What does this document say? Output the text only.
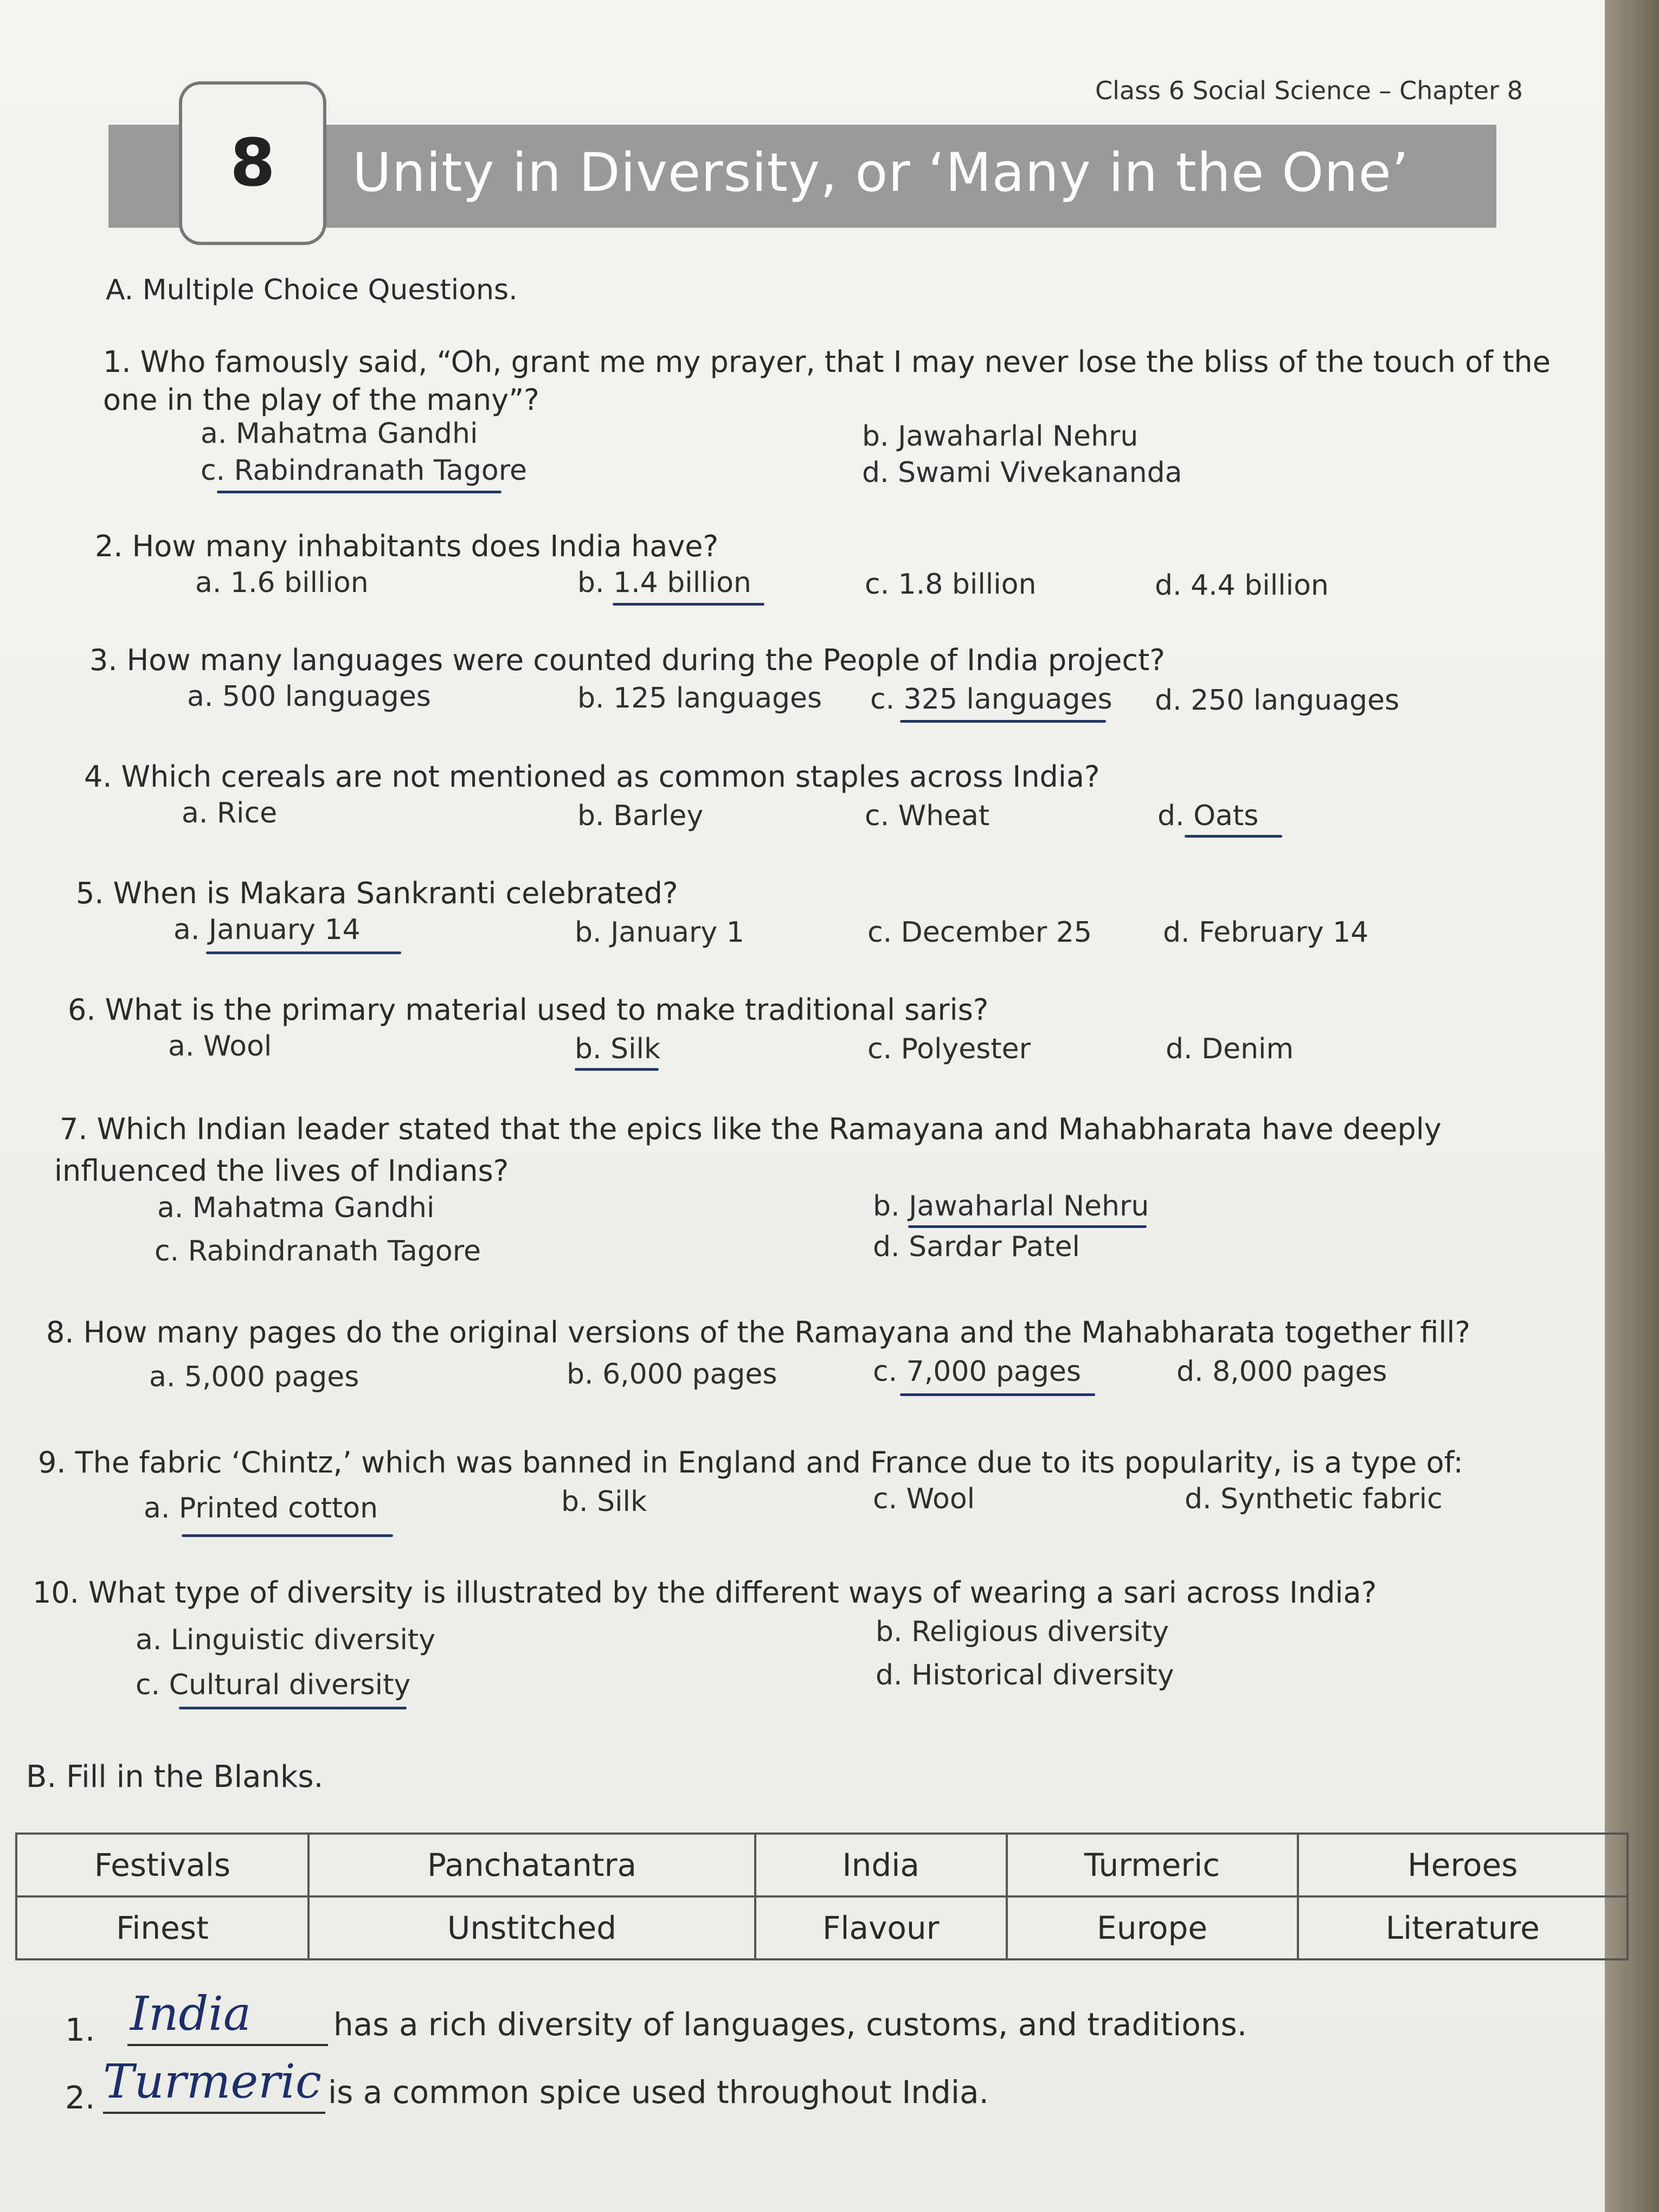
Class 6 Social Science – Chapter 8
Unity in Diversity, or ‘Many in the One’
8
A. Multiple Choice Questions.
1. Who famously said, “Oh, grant me my prayer, that I may never lose the bliss of the touch of the
one in the play of the many”?
a. Mahatma Gandhi	b. Jawaharlal Nehru
c. Rabindranath Tagore	d. Swami Vivekananda
2. How many inhabitants does India have?
a. 1.6 billion	b. 1.4 billion	c. 1.8 billion	d. 4.4 billion
3. How many languages were counted during the People of India project?
a. 500 languages	b. 125 languages c. 325 languages d. 250 languages
4. Which cereals are not mentioned as common staples across India?
a. Rice	b. Barley	c. Wheat	d. Oats
5. When is Makara Sankranti celebrated?
a. January 14	b. January 1	c. December 25	d. February 14
6. What is the primary material used to make traditional saris?
a. Wool	b. Silk	c. Polyester	d. Denim
7. Which Indian leader stated that the epics like the Ramayana and Mahabharata have deeply
influenced the lives of Indians?
a. Mahatma Gandhi	b. Jawaharlal Nehru
c. Rabindranath Tagore	d. Sardar Patel
8. How many pages do the original versions of the Ramayana and the Mahabharata together fill?
a. 5,000 pages	b. 6,000 pages	c. 7,000 pages	d. 8,000 pages
9. The fabric ‘Chintz,’ which was banned in England and France due to its popularity, is a type of:
a. Printed cotton	b. Silk	c. Wool	d. Synthetic fabric
10. What type of diversity is illustrated by the different ways of wearing a sari across India?
a. Linguistic diversity	b. Religious diversity
c. Cultural diversity	d. Historical diversity
B. Fill in the Blanks.
Festivals	Panchatantra	India	Turmeric	Heroes
Finest	Unstitched	Flavour	Europe	Literature
1. India	has a rich diversity of languages, customs, and traditions.
2. Turmeric is a common spice used throughout India.
